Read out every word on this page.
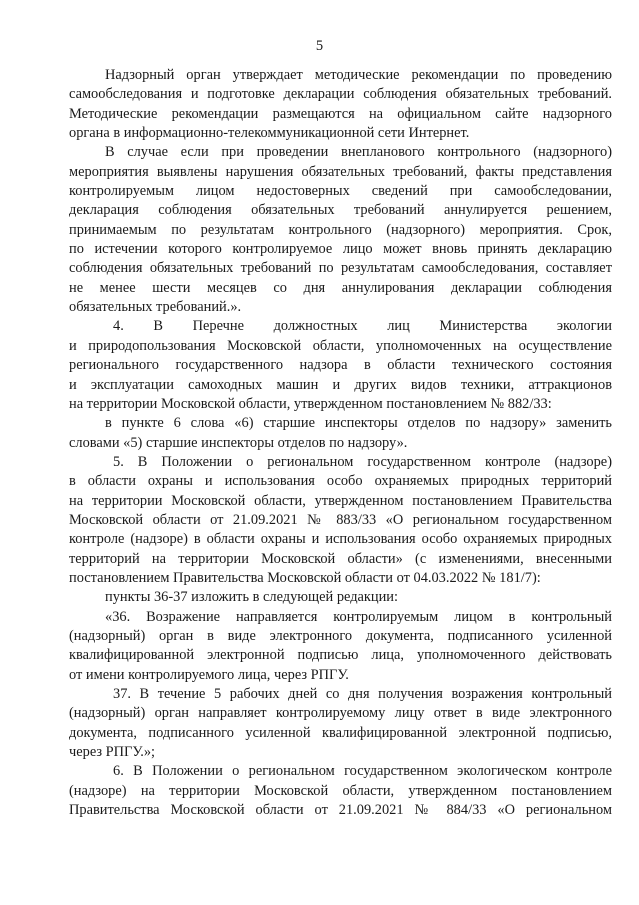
5
Надзорный орган утверждает методические рекомендации по проведению
самообследования и подготовке декларации соблюдения обязательных требований.
Методические рекомендации размещаются на официальном сайте надзорного
органа в информационно-телекоммуникационной сети Интернет.
В случае если при проведении внепланового контрольного (надзорного)
мероприятия выявлены нарушения обязательных требований, факты представления
контролируемым лицом недостоверных сведений при самообследовании,
декларация соблюдения обязательных требований аннулируется решением,
принимаемым по результатам контрольного (надзорного) мероприятия. Срок,
по истечении которого контролируемое лицо может вновь принять декларацию
соблюдения обязательных требований по результатам самообследования, составляет
не менее шести месяцев со дня аннулирования декларации соблюдения
обязательных требований.».
4. В Перечне должностных лиц Министерства экологии
и природопользования Московской области, уполномоченных на осуществление
регионального государственного надзора в области технического состояния
и эксплуатации самоходных машин и других видов техники, аттракционов
на территории Московской области, утвержденном постановлением № 882/33:
в пункте 6 слова «6) старшие инспекторы отделов по надзору» заменить
словами «5) старшие инспекторы отделов по надзору».
5. В Положении о региональном государственном контроле (надзоре)
в области охраны и использования особо охраняемых природных территорий
на территории Московской области, утвержденном постановлением Правительства
Московской области от 21.09.2021 № 883/33 «О региональном государственном
контроле (надзоре) в области охраны и использования особо охраняемых природных
территорий на территории Московской области» (с изменениями, внесенными
постановлением Правительства Московской области от 04.03.2022 № 181/7):
пункты 36-37 изложить в следующей редакции:
«36. Возражение направляется контролируемым лицом в контрольный
(надзорный) орган в виде электронного документа, подписанного усиленной
квалифицированной электронной подписью лица, уполномоченного действовать
от имени контролируемого лица, через РПГУ.
37. В течение 5 рабочих дней со дня получения возражения контрольный
(надзорный) орган направляет контролируемому лицу ответ в виде электронного
документа, подписанного усиленной квалифицированной электронной подписью,
через РПГУ.»;
6. В Положении о региональном государственном экологическом контроле
(надзоре) на территории Московской области, утвержденном постановлением
Правительства Московской области от 21.09.2021 № 884/33 «О региональном
